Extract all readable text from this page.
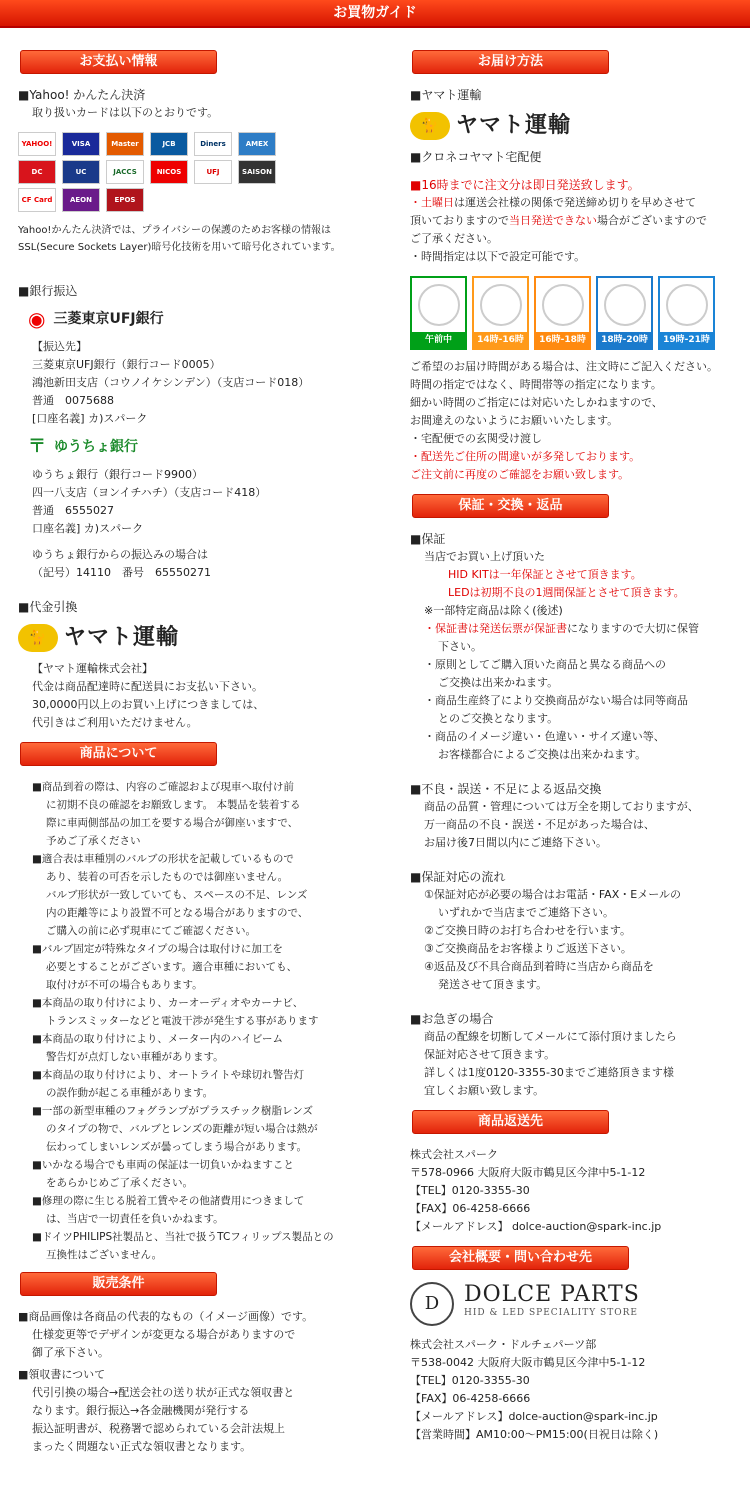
お買物ガイド
お支払い情報
■Yahoo! かんたん決済
取り扱いカードは以下のとおりです。
YAHOO!	VISA	Master	JCB	Diners	AMEX
DC	UC	JACCS	NICOS	UFJ	SAISON
CF Card	AEON	EPOS
Yahoo!かんたん決済では、プライバシーの保護のためお客様の情報はSSL(Secure Sockets Layer)暗号化技術を用いて暗号化されています。
■銀行振込
◉ 三菱東京UFJ銀行
【振込先】
三菱東京UFJ銀行（銀行コード0005）
鴻池新田支店（コウノイケシンデン）（支店コード018）
普通　0075688
[口座名義] カ)スパーク
〒 ゆうちょ銀行
ゆうちょ銀行（銀行コード9900）
四一八支店（ヨンイチハチ）（支店コード418）
普通　6555027
口座名義] カ)スパーク
ゆうちょ銀行からの振込みの場合は
（記号）14110　番号　65550271
■代金引換
🐈 ヤマト運輸
【ヤマト運輸株式会社】
代金は商品配達時に配送員にお支払い下さい。
30,0000円以上のお買い上げにつきましては、
代引きはご利用いただけません。
商品について
■商品到着の際は、内容のご確認および現車へ取付け前
に初期不良の確認をお願致します。 本製品を装着する
際に車両側部品の加工を要する場合が御座いますで、
予めご了承ください
■適合表は車種別のバルブの形状を記載しているもので
あり、装着の可否を示したものでは御座いません。
バルブ形状が一致していても、スペースの不足、レンズ
内の距離等により設置不可となる場合がありますので、
ご購入の前に必ず現車にてご確認ください。
■バルブ固定が特殊なタイプの場合は取付けに加工を
必要とすることがございます。適合車種においても、
取付けが不可の場合もあります。
■本商品の取り付けにより、カーオーディオやカーナビ、
トランスミッターなどと電波干渉が発生する事があります
■本商品の取り付けにより、メーター内のハイビーム
警告灯が点灯しない車種があります。
■本商品の取り付けにより、オートライトや球切れ警告灯
の誤作動が起こる車種があります。
■一部の新型車種のフォグランプがプラスチック樹脂レンズ
のタイプの物で、バルブとレンズの距離が短い場合は熱が
伝わってしまいレンズが曇ってしまう場合があります。
■いかなる場合でも車両の保証は一切負いかねますこと
をあらかじめご了承ください。
■修理の際に生じる脱着工賃やその他諸費用につきまして
は、当店で一切責任を負いかねます。
■ドイツPHILIPS社製品と、当社で扱うTCフィリップス製品との
互換性はございません。
販売条件
■商品画像は各商品の代表的なもの（イメージ画像）です。
仕様変更等でデザインが変更なる場合がありますので
御了承下さい。
■領収書について
代引引換の場合→配送会社の送り状が正式な領収書と
なります。銀行振込→各金融機関が発行する
振込証明書が、税務署で認められている会計法規上
まったく問題ない正式な領収書となります。
お届け方法
■ヤマト運輸
🐈 ヤマト運輸
■クロネコヤマト宅配便
■16時までに注文分は即日発送致します。
・土曜日は運送会社様の関係で発送締め切りを早めさせて
頂いておりますので当日発送できない場合がございますので
ご了承ください。
・時間指定は以下で設定可能です。
午前中	14時-16時	16時-18時	18時-20時	19時-21時
ご希望のお届け時間がある場合は、注文時にご記入ください。
時間の指定ではなく、時間帯等の指定になります。
細かい時間のご指定には対応いたしかねますので、
お間違えのないようにお願いいたします。
・宅配便での玄関受け渡し
・配送先ご住所の間違いが多発しております。
ご注文前に再度のご確認をお願い致します。
保証・交換・返品
■保証
当店でお買い上げ頂いた
HID KITは一年保証とさせて頂きます。
LEDは初期不良の1週間保証とさせて頂きます。
※一部特定商品は除く(後述)
・保証書は発送伝票が保証書になりますので大切に保管
下さい。
・原則としてご購入頂いた商品と異なる商品への
ご交換は出来かねます。
・商品生産終了により交換商品がない場合は同等商品
とのご交換となります。
・商品のイメージ違い・色違い・サイズ違い等、
お客様都合によるご交換は出来かねます。
■不良・誤送・不足による返品交換
商品の品質・管理については万全を期しておりますが、
万一商品の不良・誤送・不足があった場合は、
お届け後7日間以内にご連絡下さい。
■保証対応の流れ
①保証対応が必要の場合はお電話・FAX・Eメールの
いずれかで当店までご連絡下さい。
②ご交換日時のお打ち合わせを行います。
③ご交換商品をお客様よりご返送下さい。
④返品及び不具合商品到着時に当店から商品を
発送させて頂きます。
■お急ぎの場合
商品の配線を切断してメールにて添付頂けましたら
保証対応させて頂きます。
詳しくは1度0120-3355-30までご連絡頂きます様
宜しくお願い致します。
商品返送先
株式会社スパーク
〒578-0966 大阪府大阪市鶴見区今津中5-1-12
【TEL】0120-3355-30
【FAX】06-4258-6666
【メールアドレス】 dolce-auction@spark-inc.jp
会社概要・問い合わせ先
D	DOLCE PARTS
HID & LED SPECIALITY STORE
株式会社スパーク・ドルチェパーツ部
〒538-0042 大阪府大阪市鶴見区今津中5-1-12
【TEL】0120-3355-30
【FAX】06-4258-6666
【メールアドレス】dolce-auction@spark-inc.jp
【営業時間】AM10:00～PM15:00(日祝日は除く)
